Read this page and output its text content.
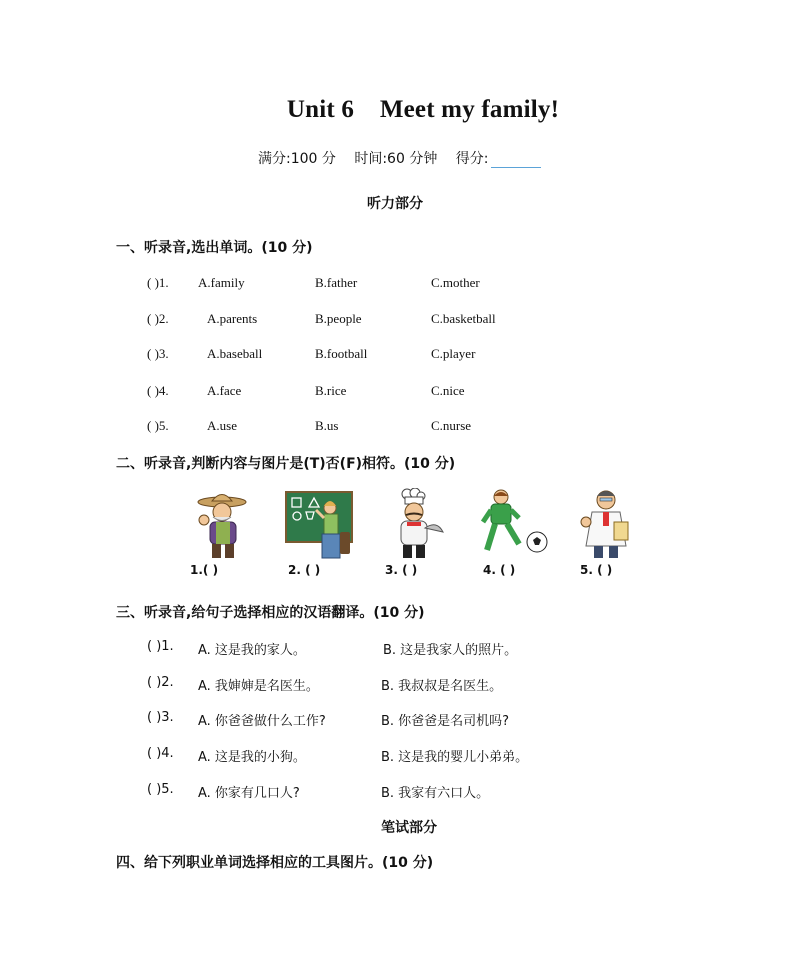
Unit 6    Meet my family!
满分:100 分 时间:60 分钟 得分:
听力部分
一、听录音,选出单词。(10 分)
( )1. A.family	B.father	C.mother
( )2.	A.parents	B.people	C.basketball
( )3.	A.baseball	B.football	C.player
( )4.	A.face	B.rice	C.nice
( )5.	A.use	B.us	C.nurse
二、听录音,判断内容与图片是(T)否(F)相符。(10 分)
1.( )	2. ( )	3. ( )	4. ( )	5. ( )
三、听录音,给句子选择相应的汉语翻译。(10 分)
( )1. A. 这是我的家人。	B. 这是我家人的照片。
( )2. A. 我婶婶是名医生。	B. 我叔叔是名医生。
( )3. A. 你爸爸做什么工作?	B. 你爸爸是名司机吗?
( )4. A. 这是我的小狗。	B. 这是我的婴儿小弟弟。
( )5. A. 你家有几口人?	B. 我家有六口人。
笔试部分
四、给下列职业单词选择相应的工具图片。(10 分)
